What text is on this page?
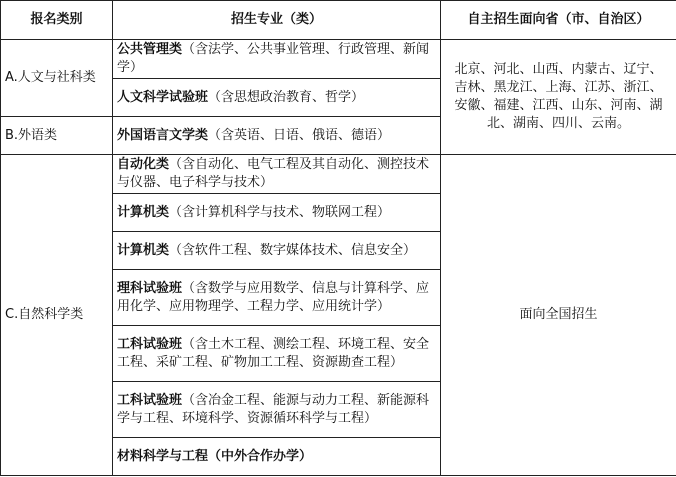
报名类别	招生专业（类）	自主招生面向省（市、自治区）
A.人文与社科类	公共管理类（含法学、公共事业管理、行政管理、新闻学）	北京、河北、山西、内蒙古、辽宁、吉林、黑龙江、上海、江苏、浙江、安徽、福建、江西、山东、河南、湖北、湖南、四川、云南。
	人文科学试验班（含思想政治教育、哲学）	
B.外语类	外国语言文学类（含英语、日语、俄语、德语）	
C.自然科学类	自动化类（含自动化、电气工程及其自动化、测控技术与仪器、电子科学与技术）	面向全国招生
	计算机类（含计算机科学与技术、物联网工程）	
	计算机类（含软件工程、数字媒体技术、信息安全）	
	理科试验班（含数学与应用数学、信息与计算科学、应用化学、应用物理学、工程力学、应用统计学）	
	工科试验班（含土木工程、测绘工程、环境工程、安全工程、采矿工程、矿物加工工程、资源勘查工程）	
	工科试验班（含冶金工程、能源与动力工程、新能源科学与工程、环境科学、资源循环科学与工程）	
	材料科学与工程（中外合作办学）	
